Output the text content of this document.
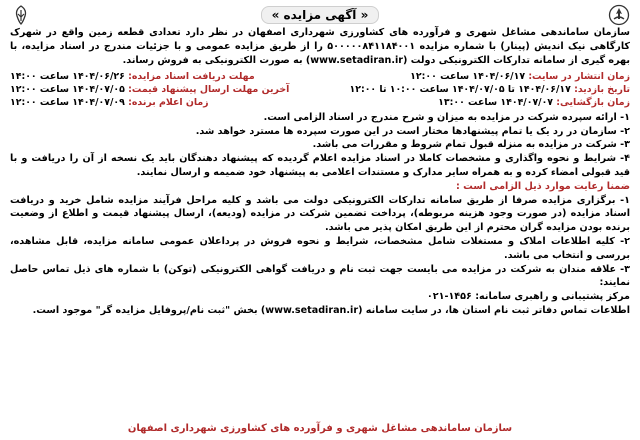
« آگهی مزایده »
سازمان ساماندهی مشاغل شهری و فرآورده های کشاورزی شهرداری اصفهان در نظر دارد تعدادی قطعه زمین واقع در شهرک کارگاهی نیک اندیش (پینار) با شماره مزایده ۵۰۰۰۰۰۸۴۱۱۸۴۰۰۱ را از طریق مزایده عمومی و با جزئیات مندرج در اسناد مزایده، با بهره گیری از سامانه تدارکات الکترونیکی دولت (www.setadiran.ir) به صورت الکترونیکی به فروش رساند.
زمان انتشار در سایت: ۱۴۰۴/۰۶/۱۷ ساعت ۱۲:۰۰
مهلت دریافت اسناد مزایده: ۱۴۰۴/۰۶/۲۶ ساعت ۱۴:۰۰
تاریخ بازدید: ۱۴۰۴/۰۶/۱۷ تا ۱۴۰۴/۰۷/۰۵ ساعت ۱۰:۰۰ تا ۱۲:۰۰
آخرین مهلت ارسال پیشنهاد قیمت: ۱۴۰۴/۰۷/۰۵ ساعت ۱۲:۰۰
زمان بازگشایی: ۱۴۰۴/۰۷/۰۷ ساعت ۱۳:۰۰
زمان اعلام برنده: ۱۴۰۴/۰۷/۰۹ ساعت ۱۲:۰۰

۱- ارائه سپرده شرکت در مزایده به میزان و شرح مندرج در اسناد الزامی است.

۲- سازمان در رد یک یا تمام پیشنهادها مختار است در این صورت سپرده ها مسترد خواهد شد.

۳- شرکت در مزایده به منزله قبول تمام شروط و مقررات می باشد.

۴- شرایط و نحوه واگذاری و مشخصات کاملا در اسناد مزایده اعلام گردیده که پیشنهاد دهندگان باید یک نسخه از آن را دریافت و با قید قبولی امضاء کرده و به همراه سایر مدارک و مستندات اعلامی به پیشنهاد خود ضمیمه و ارسال نمایند.

ضمنا رعایت موارد ذیل الزامی است :

۱- برگزاری مزایده صرفا از طریق سامانه تدارکات الکترونیکی دولت می باشد و کلیه مراحل فرآیند مزایده شامل خرید و دریافت اسناد مزایده (در صورت وجود هزینه مربوطه)، پرداخت تضمین شرکت در مزایده (ودیعه)، ارسال پیشنهاد قیمت و اطلاع از وضعیت برنده بودن مزایده گران محترم از این طریق امکان پذیر می باشد.

۲- کلیه اطلاعات املاک و مستغلات شامل مشخصات، شرایط و نحوه فروش در پرداعلان عمومی سامانه مزایده، قابل مشاهده، بررسی و انتخاب می باشد.

۳- علاقه مندان به شرکت در مزایده می بایست جهت ثبت نام و دریافت گواهی الکترونیکی (توکن) با شماره های ذیل تماس حاصل نمایند:

مرکز پشتیبانی و راهبری سامانه: ۱۴۵۶-۰۲۱

اطلاعات تماس دفاتر ثبت نام استان ها، در سایت سامانه (www.setadiran.ir) بخش "ثبت نام/پروفایل مزایده گر" موجود است.

سازمان ساماندهی مشاغل شهری و فرآورده های کشاورزی شهرداری اصفهان
